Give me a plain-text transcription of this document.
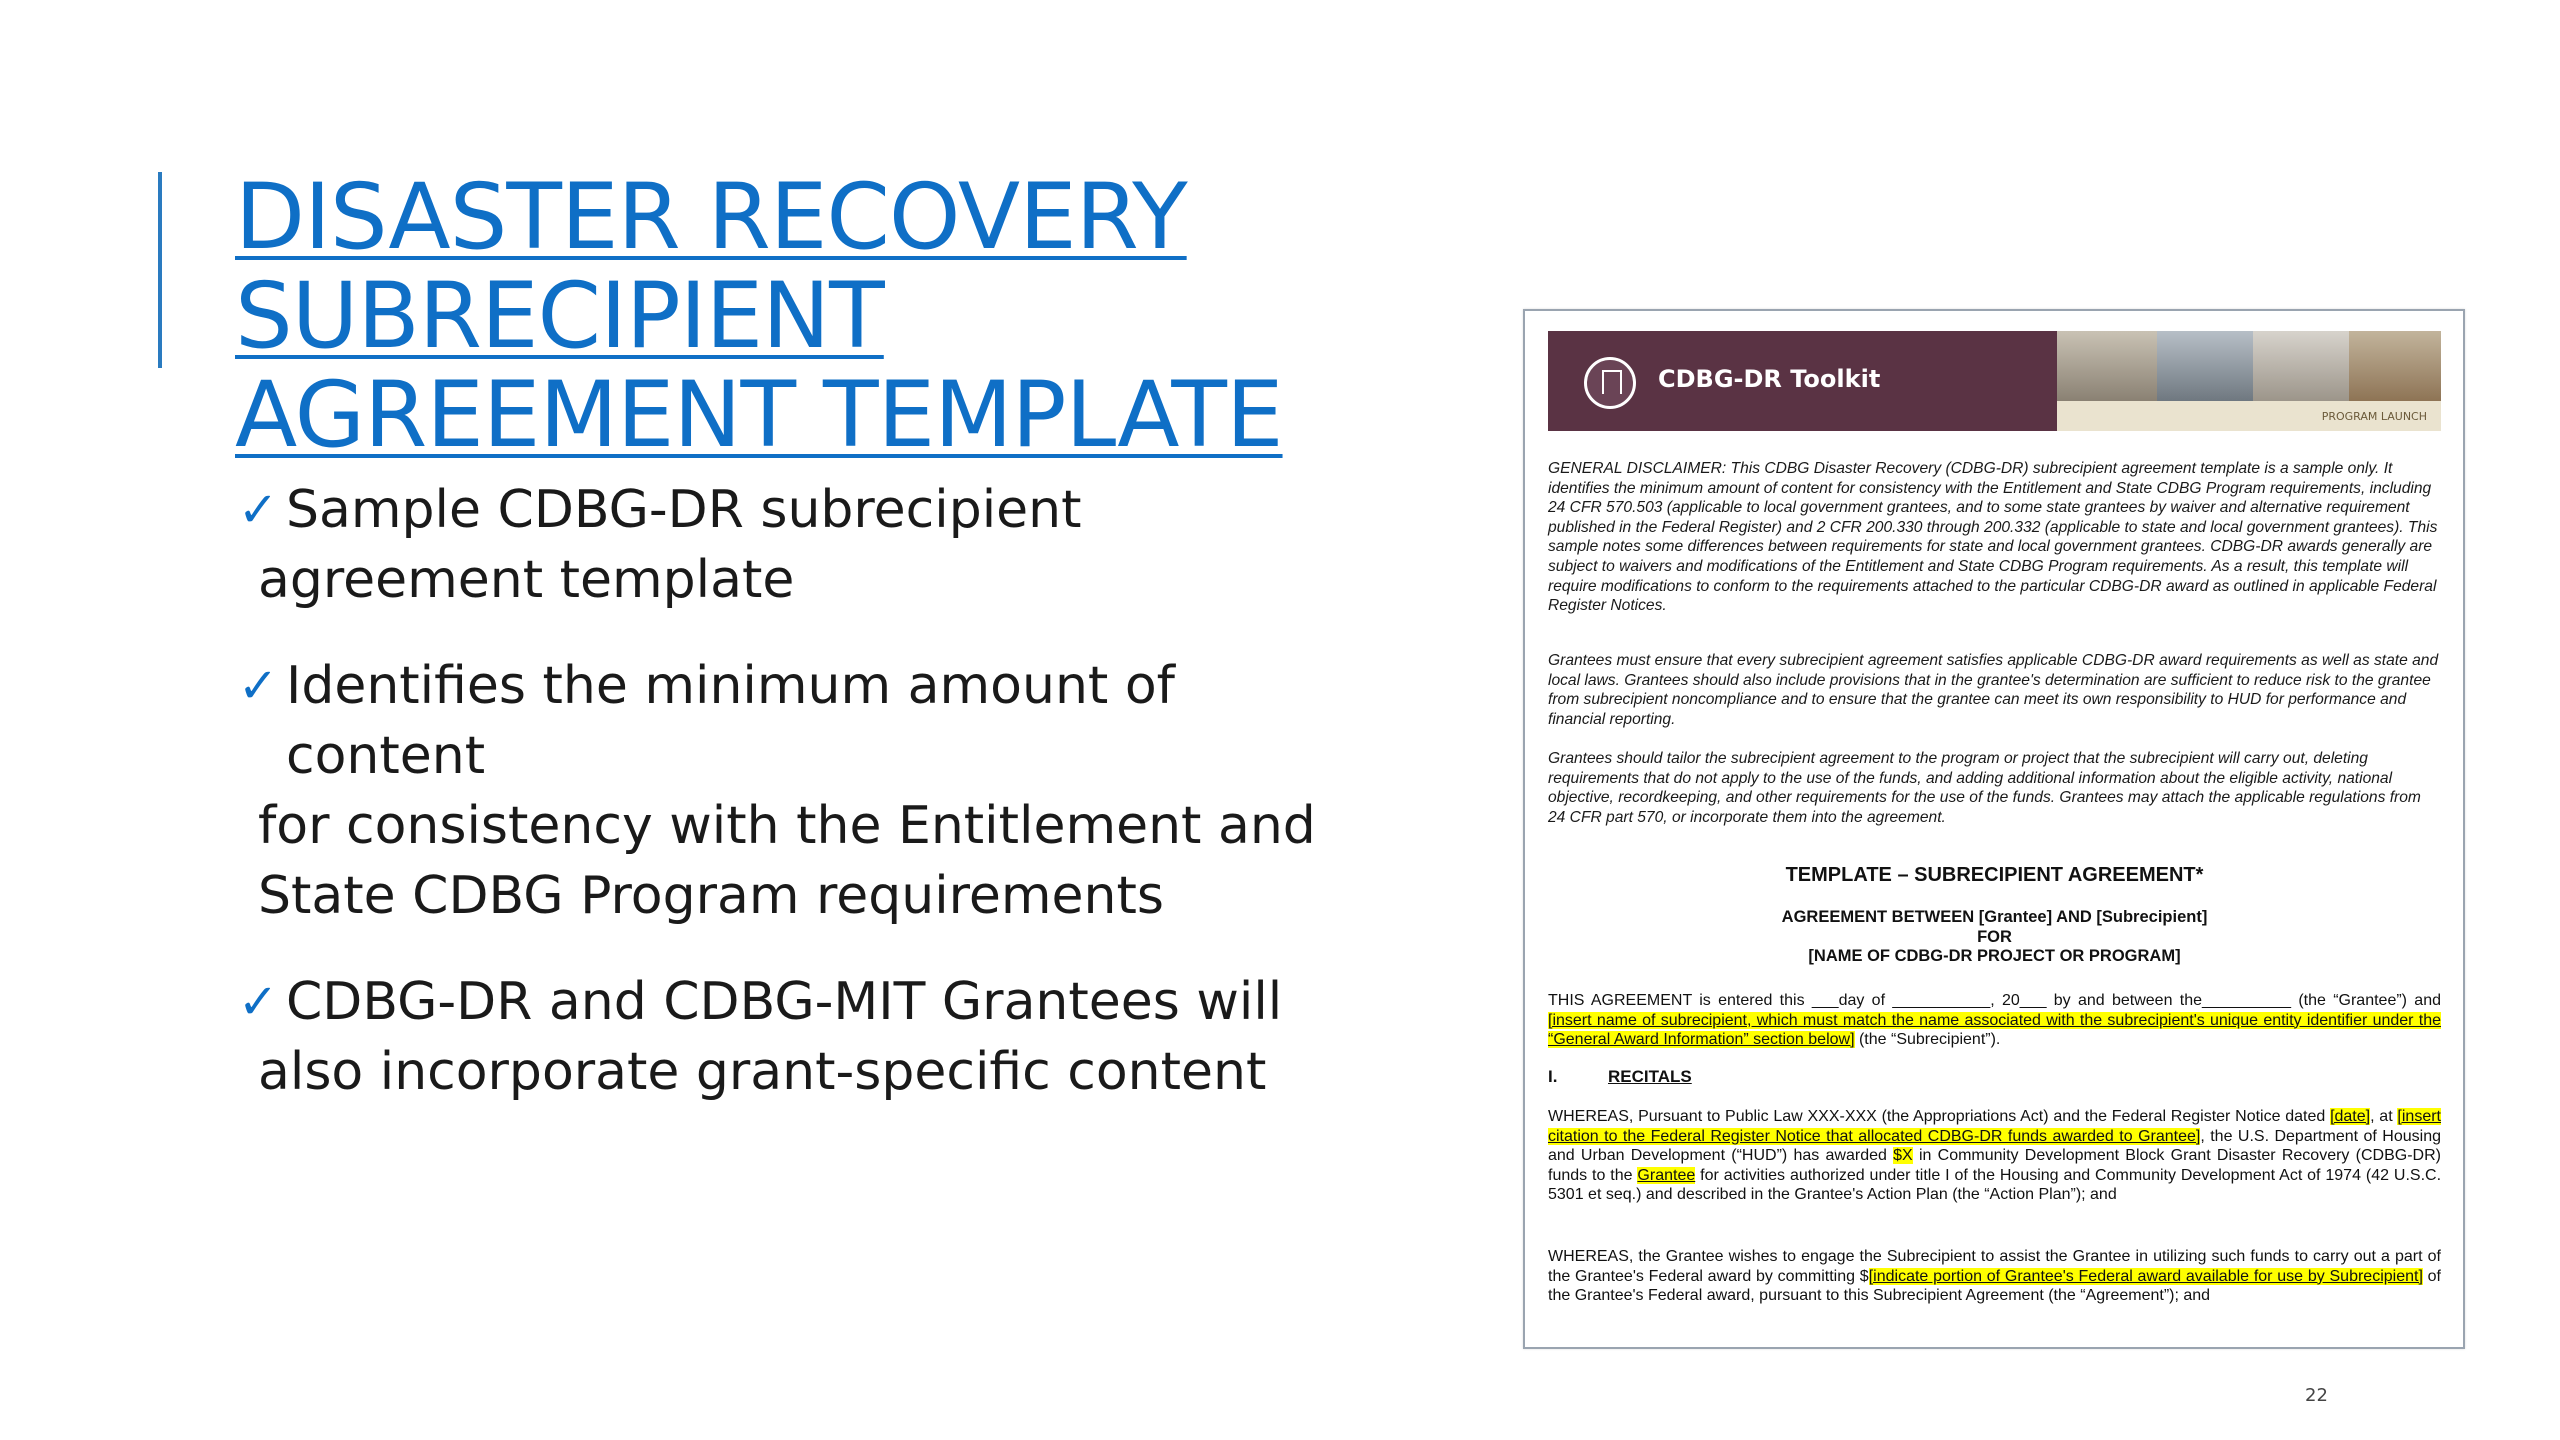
DISASTER RECOVERY SUBRECIPIENT
AGREEMENT TEMPLATE
✓ Sample CDBG-DR subrecipient
agreement template
✓ Identifies the minimum amount of content
for consistency with the Entitlement and
State CDBG Program requirements
✓ CDBG-DR and CDBG-MIT Grantees will
also incorporate grant-specific content
CDBG-DR Toolkit
PROGRAM LAUNCH
GENERAL DISCLAIMER: This CDBG Disaster Recovery (CDBG-DR) subrecipient agreement template is a sample only. It identifies the minimum amount of content for consistency with the Entitlement and State CDBG Program requirements, including 24 CFR 570.503 (applicable to local government grantees, and to some state grantees by waiver and alternative requirement published in the Federal Register) and 2 CFR 200.330 through 200.332 (applicable to state and local government grantees). This sample notes some differences between requirements for state and local government grantees. CDBG-DR awards generally are subject to waivers and modifications of the Entitlement and State CDBG Program requirements. As a result, this template will require modifications to conform to the requirements attached to the particular CDBG-DR award as outlined in applicable Federal Register Notices.
Grantees must ensure that every subrecipient agreement satisfies applicable CDBG-DR award requirements as well as state and local laws. Grantees should also include provisions that in the grantee's determination are sufficient to reduce risk to the grantee from subrecipient noncompliance and to ensure that the grantee can meet its own responsibility to HUD for performance and financial reporting.
Grantees should tailor the subrecipient agreement to the program or project that the subrecipient will carry out, deleting requirements that do not apply to the use of the funds, and adding additional information about the eligible activity, national objective, recordkeeping, and other requirements for the use of the funds. Grantees may attach the applicable regulations from 24 CFR part 570, or incorporate them into the agreement.
TEMPLATE – SUBRECIPIENT AGREEMENT*
AGREEMENT BETWEEN [Grantee] AND [Subrecipient]
FOR
[NAME OF CDBG-DR PROJECT OR PROGRAM]
THIS AGREEMENT is entered this ___day of ___________, 20___ by and between the__________ (the “Grantee”) and [insert name of subrecipient, which must match the name associated with the subrecipient's unique entity identifier under the “General Award Information” section below] (the “Subrecipient”).
I.	RECITALS
WHEREAS, Pursuant to Public Law XXX-XXX (the Appropriations Act) and the Federal Register Notice dated [date], at [insert citation to the Federal Register Notice that allocated CDBG-DR funds awarded to Grantee], the U.S. Department of Housing and Urban Development (“HUD”) has awarded $X in Community Development Block Grant Disaster Recovery (CDBG-DR) funds to the Grantee for activities authorized under title I of the Housing and Community Development Act of 1974 (42 U.S.C. 5301 et seq.) and described in the Grantee's Action Plan (the “Action Plan”); and
WHEREAS, the Grantee wishes to engage the Subrecipient to assist the Grantee in utilizing such funds to carry out a part of the Grantee's Federal award by committing $[indicate portion of Grantee's Federal award available for use by Subrecipient] of the Grantee's Federal award, pursuant to this Subrecipient Agreement (the “Agreement”); and
22
